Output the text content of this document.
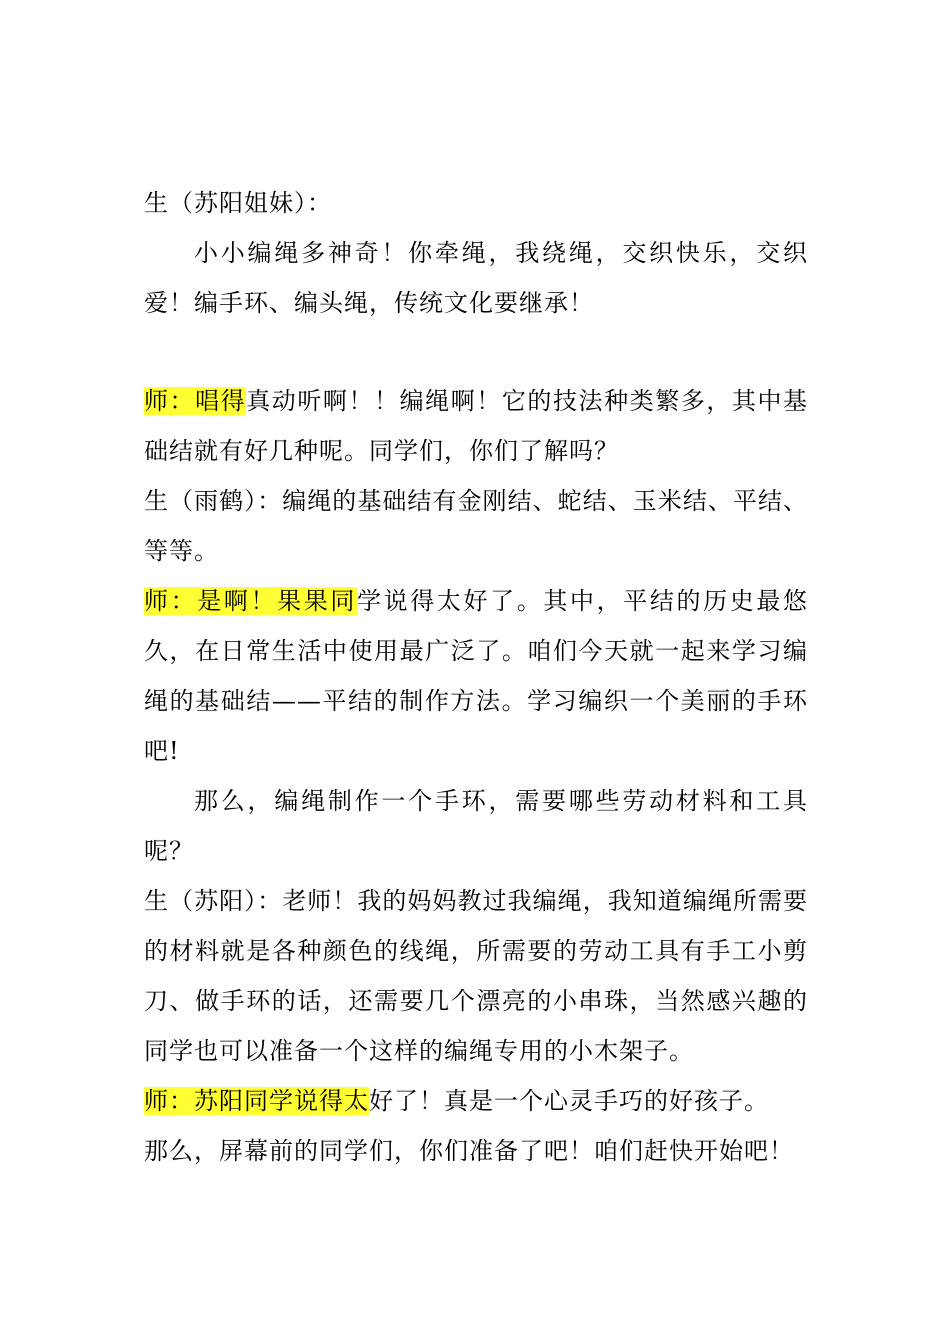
生（苏阳姐妹）：

小小编绳多神奇！你牵绳，我绕绳，交织快乐，交织爱！编手环、编头绳，传统文化要继承！

师：唱得真动听啊！！编绳啊！它的技法种类繁多，其中基础结就有好几种呢。同学们，你们了解吗？

生（雨鹤）：编绳的基础结有金刚结、蛇结、玉米结、平结、等等。

师：是啊！果果同学说得太好了。其中，平结的历史最悠久，在日常生活中使用最广泛了。咱们今天就一起来学习编绳的基础结——平结的制作方法。学习编织一个美丽的手环吧!

那么，编绳制作一个手环，需要哪些劳动材料和工具呢？

生（苏阳）：老师！我的妈妈教过我编绳，我知道编绳所需要的材料就是各种颜色的线绳，所需要的劳动工具有手工小剪刀、做手环的话，还需要几个漂亮的小串珠，当然感兴趣的同学也可以准备一个这样的编绳专用的小木架子。

师：苏阳同学说得太好了！真是一个心灵手巧的好孩子。

那么，屏幕前的同学们，你们准备了吧！咱们赶快开始吧！
